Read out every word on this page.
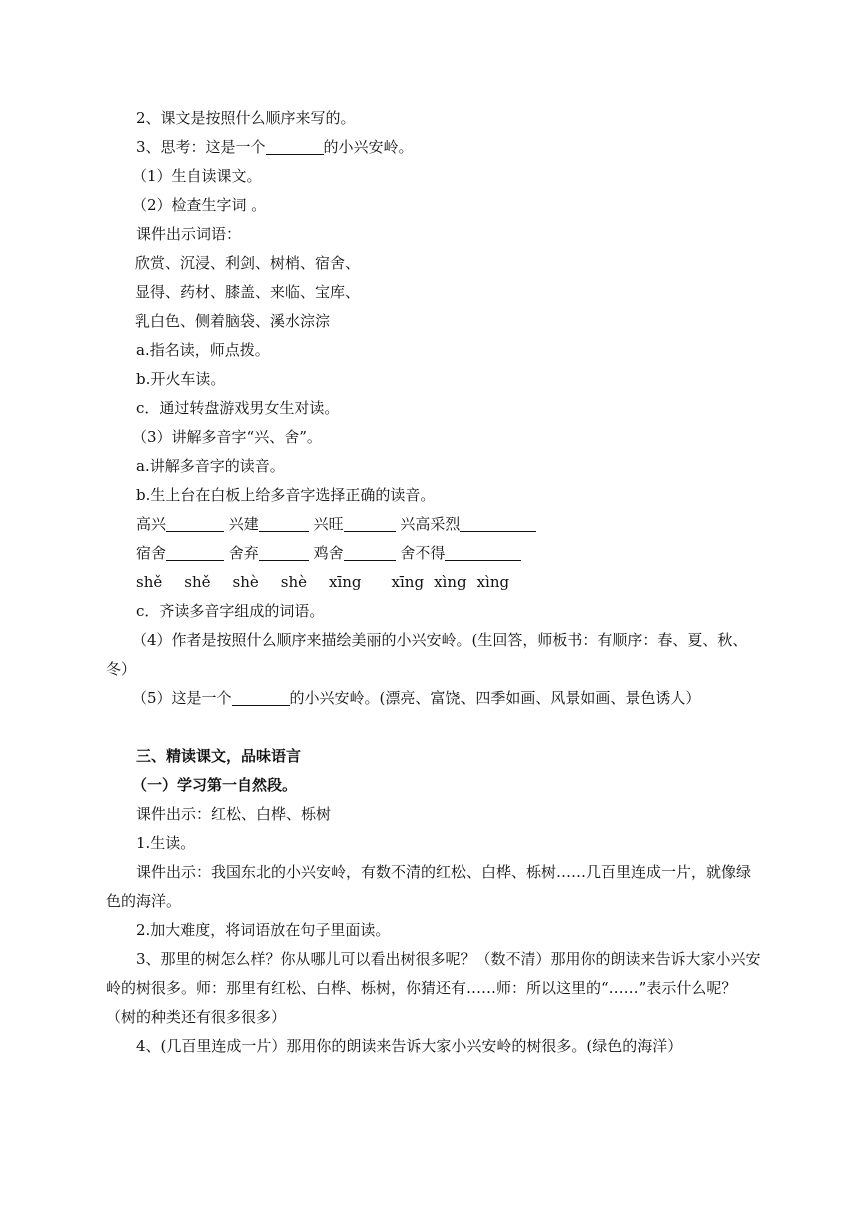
2、课文是按照什么顺序来写的。
3、思考：这是一个	的小兴安岭。
（1）生自读课文。
（2）检查生字词 。
课件出示词语：
欣赏、沉浸、利剑、树梢、宿舍、
显得、药材、膝盖、来临、宝库、
乳白色、侧着脑袋、溪水淙淙
a.指名读，师点拨。
b.开火车读。
c．通过转盘游戏男女生对读。
（3）讲解多音字“兴、舍”。
a.讲解多音字的读音。
b.生上台在白板上给多音字选择正确的读音。
高兴	兴建	兴旺	兴高采烈
宿舍	舍弃	鸡舍	舍不得
shě shě shè shè xīng xīng xìng xìng
c．齐读多音字组成的词语。
（4）作者是按照什么顺序来描绘美丽的小兴安岭。(生回答，师板书：有顺序：春、夏、秋、冬）
（5）这是一个	的小兴安岭。(漂亮、富饶、四季如画、风景如画、景色诱人）
三、精读课文，品味语言
（一）学习第一自然段。
课件出示：红松、白桦、栎树
1.生读。
课件出示：我国东北的小兴安岭，有数不清的红松、白桦、栎树……几百里连成一片，就像绿色的海洋。
2.加大难度，将词语放在句子里面读。
3、那里的树怎么样？你从哪儿可以看出树很多呢？（数不清）那用你的朗读来告诉大家小兴安岭的树很多。师：那里有红松、白桦、栎树，你猜还有……师：所以这里的“……”表示什么呢？（树的种类还有很多很多）
4、(几百里连成一片）那用你的朗读来告诉大家小兴安岭的树很多。(绿色的海洋）
